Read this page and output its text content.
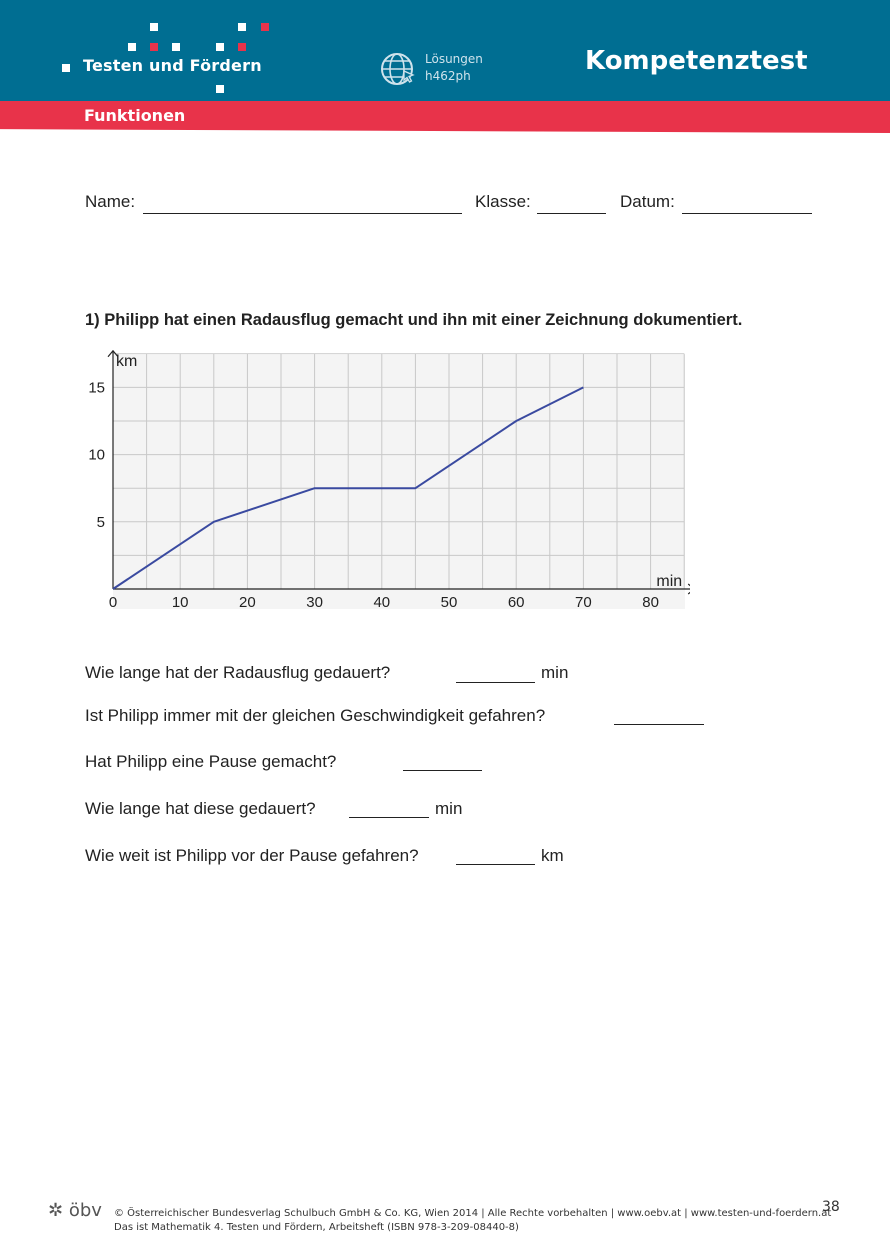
Testen und Fördern	Lösungen
h462ph	Kompetenztest
Funktionen
Name:	Klasse:	Datum:
1) Philipp hat einen Radausflug gemacht und ihn mit einer Zeichnung dokumentiert.
0	10	20	30	40	50	60	70	80
5
10
15
min
km
Wie lange hat der Radausflug gedauert?	min
Ist Philipp immer mit der gleichen Geschwindigkeit gefahren?
Hat Philipp eine Pause gemacht?
Wie lange hat diese gedauert?	min
Wie weit ist Philipp vor der Pause gefahren?	km
✲ öbv © Österreichischer Bundesverlag Schulbuch GmbH & Co. KG, Wien 2014 | Alle Rechte vorbehalten | www.oebv.at | www.testen-und-foerdern.at
Das ist Mathematik 4. Testen und Fördern, Arbeitsheft (ISBN 978-3-209-08440-8)
38
